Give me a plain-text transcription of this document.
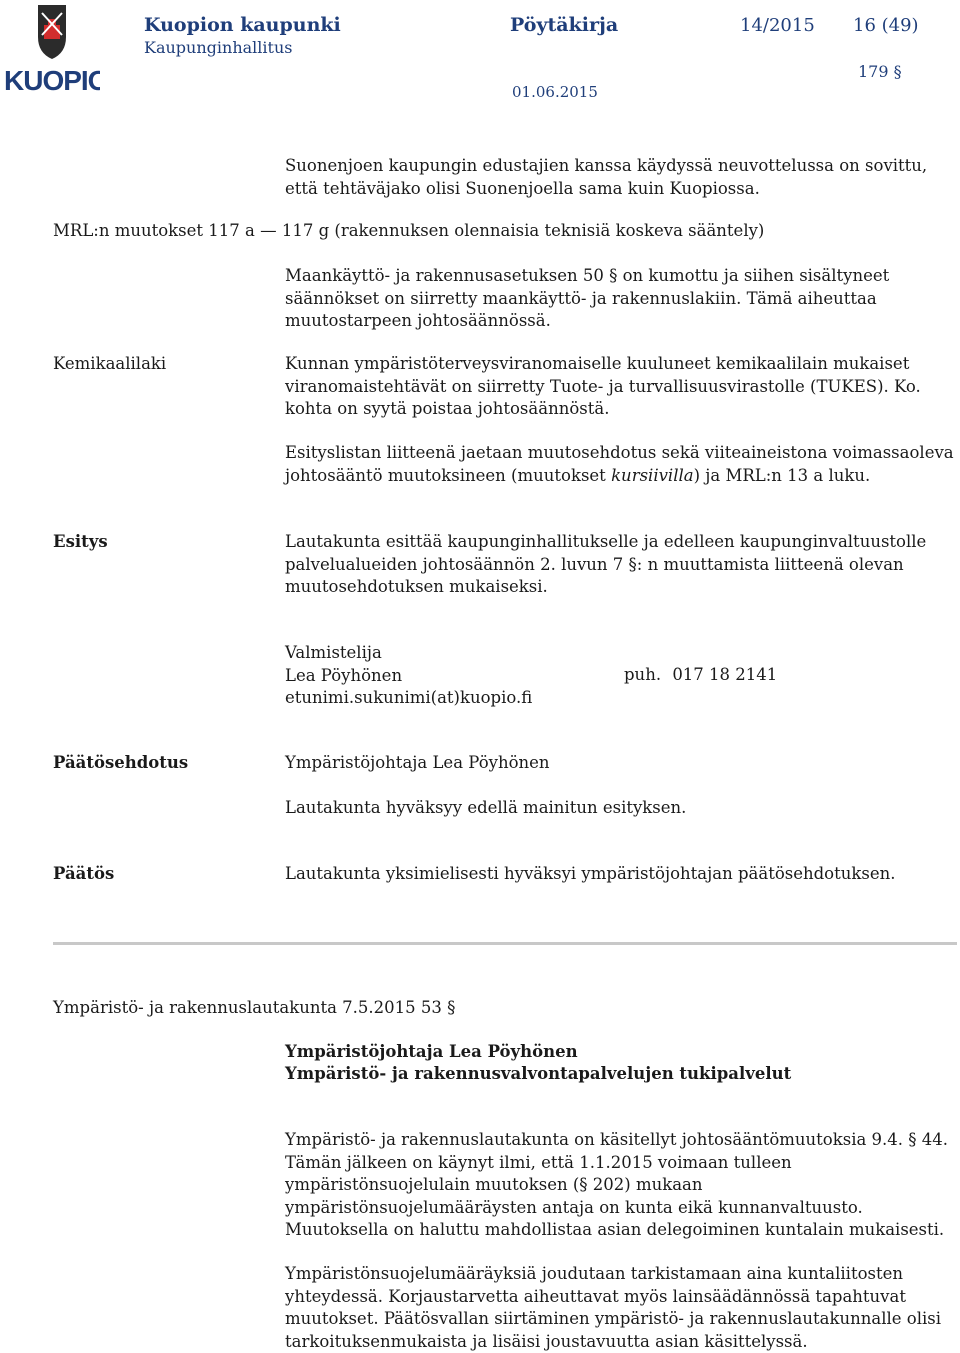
KUOPIO
Kuopion kaupunki
Kaupunginhallitus
Pöytäkirja	14/2015 16 (49)
179 §
01.06.2015

Suonenjoen kaupungin edustajien kanssa käydyssä neuvottelussa on sovittu, että tehtäväjako olisi Suonenjoella sama kuin Kuopiossa.

MRL:n muutokset 117 a — 117 g (rakennuksen olennaisia teknisiä koskeva sääntely)

Maankäyttö- ja rakennusasetuksen 50 § on kumottu ja siihen sisältyneet säännökset on siirretty maankäyttö- ja rakennuslakiin. Tämä aiheuttaa muutostarpeen johtosäännössä.

Kemikaalilaki	Kunnan ympäristöterveysviranomaiselle kuuluneet kemikaalilain mukaiset viranomaistehtävät on siirretty Tuote- ja turvallisuusvirastolle (TUKES). Ko. kohta on syytä poistaa johtosäännöstä.

Esityslistan liitteenä jaetaan muutosehdotus sekä viiteaineistona voimassaoleva johtosääntö muutoksineen (muutokset kursiivilla) ja MRL:n 13 a luku.

Esitys	Lautakunta esittää kaupunginhallitukselle ja edelleen kaupunginvaltuustolle palvelualueiden johtosäännön 2. luvun 7 §: n muuttamista liitteenä olevan muutosehdotuksen mukaiseksi.

Valmistelija
Lea Pöyhönen
etunimi.sukunimi(at)kuopio.fi
puh. 017 18 2141
Päätösehdotus	Ympäristöjohtaja Lea Pöyhönen

Lautakunta hyväksyy edellä mainitun esityksen.

Päätös	Lautakunta yksimielisesti hyväksyi ympäristöjohtajan päätösehdotuksen.

Ympäristö- ja rakennuslautakunta 7.5.2015 53 §

Ympäristöjohtaja Lea Pöyhönen

Ympäristö- ja rakennusvalvontapalvelujen tukipalvelut

Ympäristö- ja rakennuslautakunta on käsitellyt johtosääntömuutoksia 9.4. § 44. Tämän jälkeen on käynyt ilmi, että 1.1.2015 voimaan tulleen ympäristönsuojelulain muutoksen (§ 202) mukaan ympäristönsuojelumääräysten antaja on kunta eikä kunnanvaltuusto. Muutoksella on haluttu mahdollistaa asian delegoiminen kuntalain mukaisesti.

Ympäristönsuojelumääräyksiä joudutaan tarkistamaan aina kuntaliitosten yhteydessä. Korjaustarvetta aiheuttavat myös lainsäädännössä tapahtuvat muutokset. Päätösvallan siirtäminen ympäristö- ja rakennuslautakunnalle olisi tarkoituksenmukaista ja lisäisi joustavuutta asian käsittelyssä.
